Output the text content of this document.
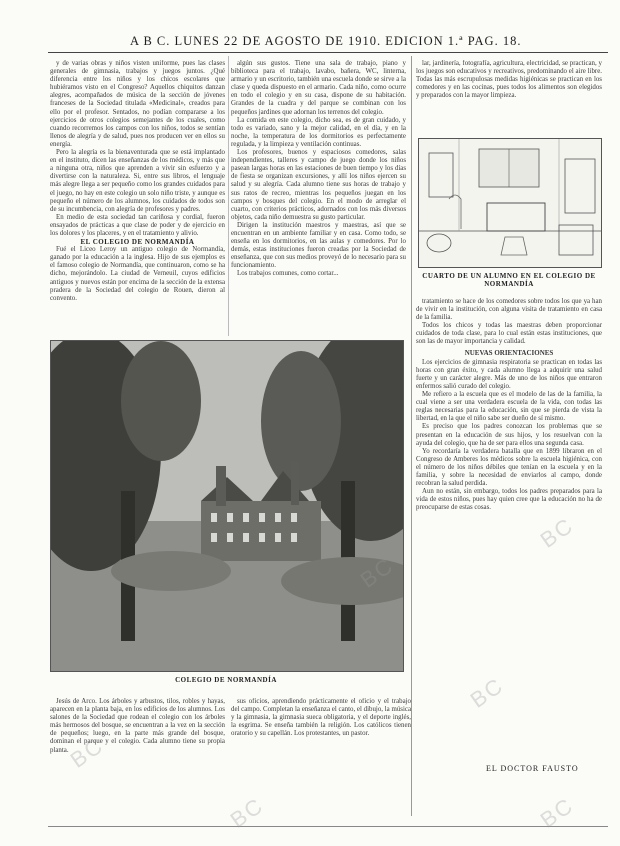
A B C. LUNES 22 DE AGOSTO DE 1910. EDICION 1.ª PAG. 18.

y de varias obras y niños visten uniforme, pues las clases generales de gimnasia, trabajos y juegos juntos. ¿Qué diferencia entre los niños y los chicos escolares que hubiéramos visto en el Congreso? Aquellos chiquitos danzan alegres, acompañados de música de la sección de jóvenes franceses de la Sociedad titulada «Medicinal», creados para ello por el profesor. Sentados, no podían compararse a los ejercicios de otros colegios semejantes de los cuales, como cuando recorremos los campos con los niños, todos se sentían llenos de alegría y de salud, pues nos producen ver en ellos su energía.

Pero la alegría es la bienaventurada que se está implantado en el instituto, dicen las enseñanzas de los médicos, y más que a ninguna otra, niños que aprenden a vivir sin esfuerzo y a divertirse con la naturaleza. Si, entre sus libros, el lenguaje más alegre llega a ser pequeño como los grandes cuidados para el juego, no hay en este colegio un solo niño triste, y aunque es pequeño el número de los alumnos, los cuidados de todos son de su incumbencia, con alegría de profesores y padres.

En medio de esta sociedad tan cariñosa y cordial, fueron ensayados de prácticas a que clase de poder y de ejercicio en los dolores y los placeres, y en el tratamiento y alivio.

EL COLEGIO DE NORMANDÍA

Fué el Liceo Leroy un antiguo colegio de Normandía, ganado por la educación a la inglesa. Hijo de sus ejemplos es el famoso colegio de Normandía, que continuaron, como se ha dicho, mejorándolo. La ciudad de Verneuil, cuyos edificios antiguos y nuevos están por encima de la sección de la extensa pradera de la Sociedad del colegio de Rouen, dieron al convento.

algún sus gustos. Tiene una sala de trabajo, piano y biblioteca para el trabajo, lavabo, bañera, WC, linterna, armario y un escritorio, también una escuela donde se sirve a la clase y queda dispuesto en el armario. Cada niño, como ocurre en todo el colegio y en su casa, dispone de su habitación. Grandes de la cuadra y del parque se combinan con los pequeños jardines que adornan los terrenos del colegio.

La comida en este colegio, dicho sea, es de gran cuidado, y todo es variado, sano y la mejor calidad, en el día, y en la noche, la temperatura de los dormitorios es perfectamente regulada, y la limpieza y ventilación continuas.

Los profesores, buenos y espaciosos comedores, salas independientes, talleres y campo de juego donde los niños pasean largas horas en las estaciones de buen tiempo y los días de fiesta se organizan excursiones, y allí los niños ejercen su salud y su alegría. Cada alumno tiene sus horas de trabajo y sus ratos de recreo, mientras los pequeños juegan en los campos y bosques del colegio. En el modo de arreglar el cuarto, con criterios prácticos, adornados con los más diversos objetos, cada niño demuestra su gusto particular.

Dirigen la institución maestros y maestras, así que se encuentran en un ambiente familiar y en casa. Como todo, se enseña en los dormitorios, en las aulas y comedores. Por lo demás, estas instituciones fueron creadas por la Sociedad de enseñanza, que con sus medios proveyó de lo necesario para su funcionamiento.

Los trabajos comunes, como cortar...

lar, jardinería, fotografía, agricultura, electricidad, se practican, y los juegos son educativos y recreativos, predominando el aire libre. Todas las más escrupulosas medidas higiénicas se practican en los comedores y en las cocinas, pues todos los alimentos son elegidos y preparados con la mayor limpieza.

CUARTO DE UN ALUMNO EN EL COLEGIO DE NORMANDÍA

tratamiento se hace de los comedores sobre todos los que ya han de vivir en la institución, con alguna visita de tratamiento en casa de la familia.

Todos los chicos y todas las maestras deben proporcionar cuidados de toda clase, para lo cual están estas instituciones, que son las de mayor importancia y calidad.

NUEVAS ORIENTACIONES

Los ejercicios de gimnasia respiratoria se practican en todas las horas con gran éxito, y cada alumno llega a adquirir una salud fuerte y un carácter alegre. Más de uno de los niños que entraron enfermos salió curado del colegio.

Me refiero a la escuela que es el modelo de las de la familia, la cual viene a ser una verdadera escuela de la vida, con todas las reglas necesarias para la educación, sin que se pierda de vista la libertad, en la que el niño sabe ser dueño de sí mismo.

Es preciso que los padres conozcan los problemas que se presentan en la educación de sus hijos, y los resuelvan con la ayuda del colegio, que ha de ser para ellos una segunda casa.

Yo recordaría la verdadera batalla que en 1899 libraron en el Congreso de Amberes los médicos sobre la escuela higiénica, con el número de los niños débiles que tenían en la escuela y en la familia, y sobre la necesidad de enviarlos al campo, donde recobran la salud perdida.

Aun no están, sin embargo, todos los padres preparados para la vida de estos niños, pues hay quien cree que la educación no ha de preocuparse de estas cosas.

COLEGIO DE NORMANDÍA

Jesús de Arco. Los árboles y arbustos, tilos, robles y hayas, aparecen en la planta baja, en los edificios de los alumnos. Los salones de la Sociedad que rodean el colegio con los árboles más hermosos del bosque, se encuentran a la vez en la sección de pequeños; luego, en la parte más grande del bosque, dominan el parque y el colegio. Cada alumno tiene su propia planta.

sus oficios, aprendiendo prácticamente el oficio y el trabajo del campo. Completan la enseñanza el canto, el dibujo, la música y la gimnasia, la gimnasia sueca obligatoria, y el deporte inglés, la esgrima. Se enseña también la religión. Los católicos tienen oratorio y su capellán. Los protestantes, un pastor.

EL DOCTOR FAUSTO
BC
BC
BC
BC
BC
BC
